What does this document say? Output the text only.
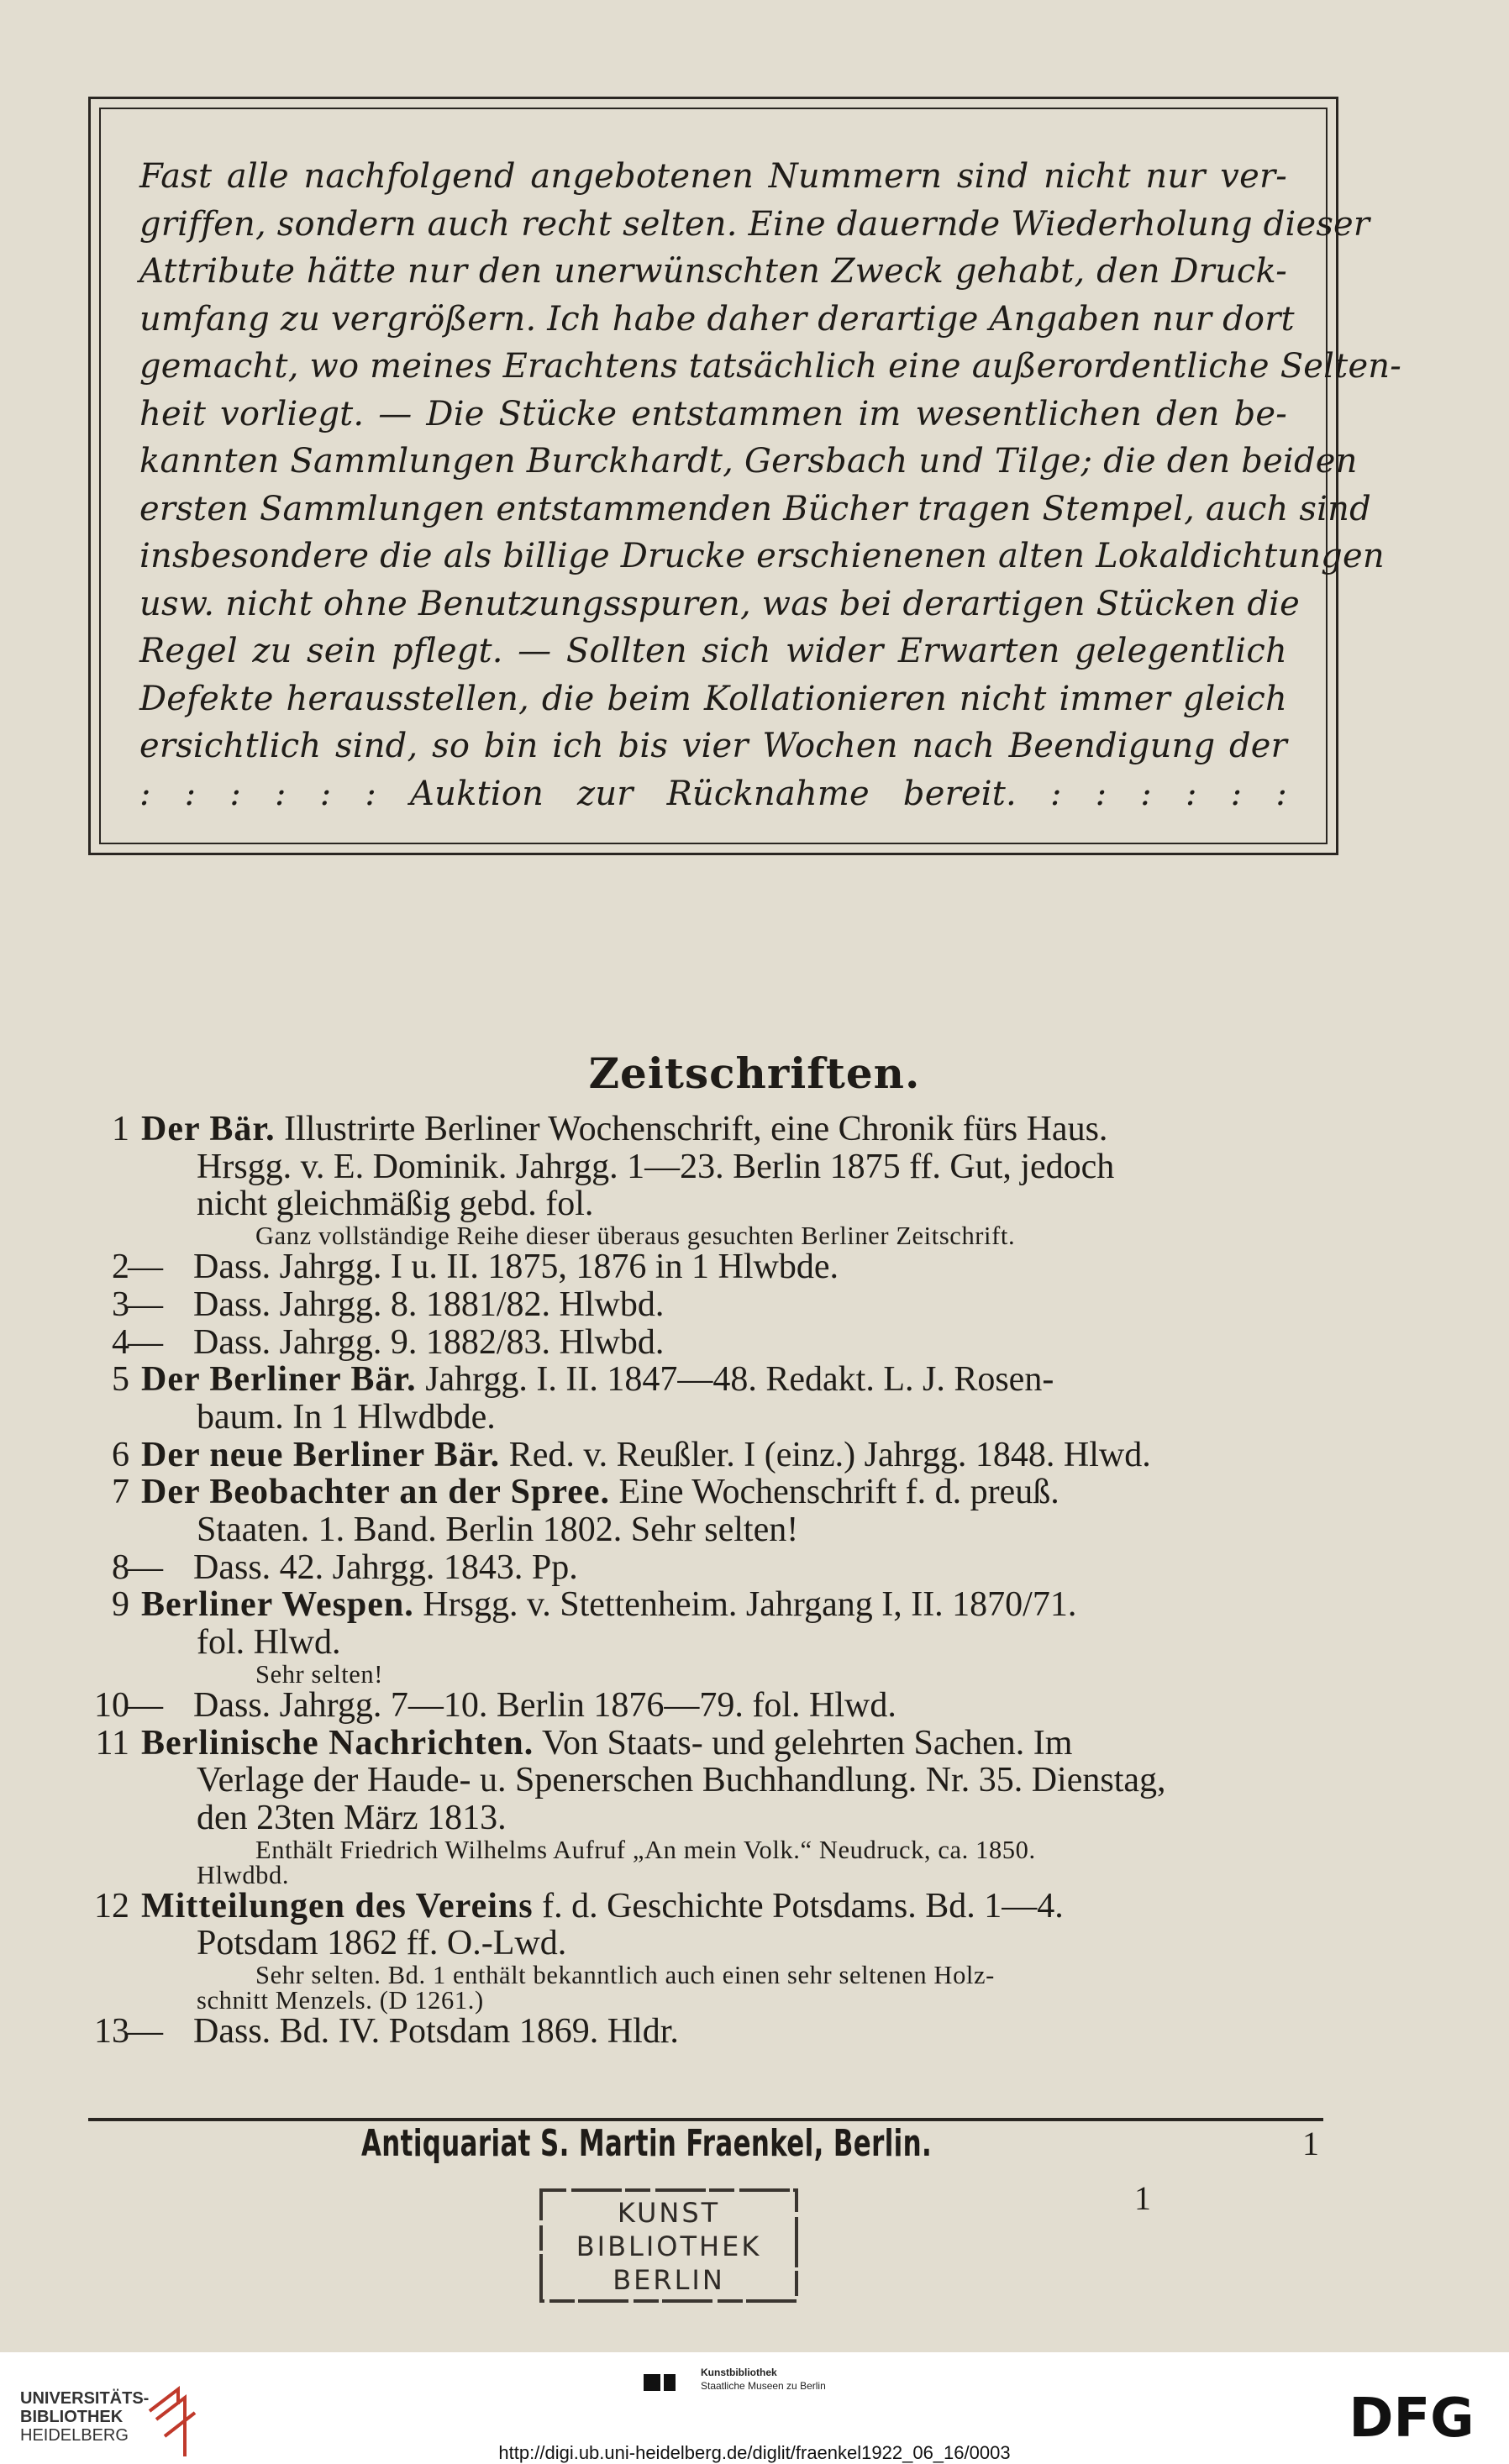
Fast alle nachfolgend angebotenen Nummern sind nicht nur ver-
griffen, sondern auch recht selten. Eine dauernde Wiederholung dieser
Attribute hätte nur den unerwünschten Zweck gehabt, den Druck-
umfang zu vergrößern. Ich habe daher derartige Angaben nur dort
gemacht, wo meines Erachtens tatsächlich eine außerordentliche Selten-
heit vorliegt. — Die Stücke entstammen im wesentlichen den be-
kannten Sammlungen Burckhardt, Gersbach und Tilge; die den beiden
ersten Sammlungen entstammenden Bücher tragen Stempel, auch sind
insbesondere die als billige Drucke erschienenen alten Lokaldichtungen
usw. nicht ohne Benutzungsspuren, was bei derartigen Stücken die
Regel zu sein pflegt. — Sollten sich wider Erwarten gelegentlich
Defekte herausstellen, die beim Kollationieren nicht immer gleich
ersichtlich sind, so bin ich bis vier Wochen nach Beendigung der
: : : : : : Auktion zur Rücknahme bereit. : : : : : :
Zeitschriften.
1 Der Bär. Illustrirte Berliner Wochenschrift, eine Chronik fürs Haus.
Hrsgg. v. E. Dominik. Jahrgg. 1—23. Berlin 1875 ff. Gut, jedoch
nicht gleichmäßig gebd. fol.
Ganz vollständige Reihe dieser überaus gesuchten Berliner Zeitschrift.
2
— Dass. Jahrgg. I u. II. 1875, 1876 in 1 Hlwbde.
3
— Dass. Jahrgg. 8. 1881/82. Hlwbd.
4
— Dass. Jahrgg. 9. 1882/83. Hlwbd.
5 Der Berliner Bär. Jahrgg. I. II. 1847—48. Redakt. L. J. Rosen-
baum. In 1 Hlwdbde.
6 Der neue Berliner Bär. Red. v. Reußler. I (einz.) Jahrgg. 1848. Hlwd.
7 Der Beobachter an der Spree. Eine Wochenschrift f. d. preuß.
Staaten. 1. Band. Berlin 1802. Sehr selten!
8
— Dass. 42. Jahrgg. 1843. Pp.
9 Berliner Wespen. Hrsgg. v. Stettenheim. Jahrgang I, II. 1870/71.
fol. Hlwd.
Sehr selten!
10
— Dass. Jahrgg. 7—10. Berlin 1876—79. fol. Hlwd.
11 Berlinische Nachrichten. Von Staats- und gelehrten Sachen. Im
Verlage der Haude- u. Spenerschen Buchhandlung. Nr. 35. Dienstag,
den 23ten März 1813.
Enthält Friedrich Wilhelms Aufruf „An mein Volk.“ Neudruck, ca. 1850.
Hlwdbd.
12 Mitteilungen des Vereins f. d. Geschichte Potsdams. Bd. 1—4.
Potsdam 1862 ff. O.-Lwd.
Sehr selten. Bd. 1 enthält bekanntlich auch einen sehr seltenen Holz-
schnitt Menzels. (D 1261.)
13
— Dass. Bd. IV. Potsdam 1869. Hldr.
Antiquariat S. Martin Fraenkel, Berlin.	1
1
KUNST
BIBLIOTHEK
BERLIN
UNIVERSITÄTS-
BIBLIOTHEK
HEIDELBERG
Kunstbibliothek
Staatliche Museen zu Berlin
DFG
http://digi.ub.uni-heidelberg.de/diglit/fraenkel1922_06_16/0003
